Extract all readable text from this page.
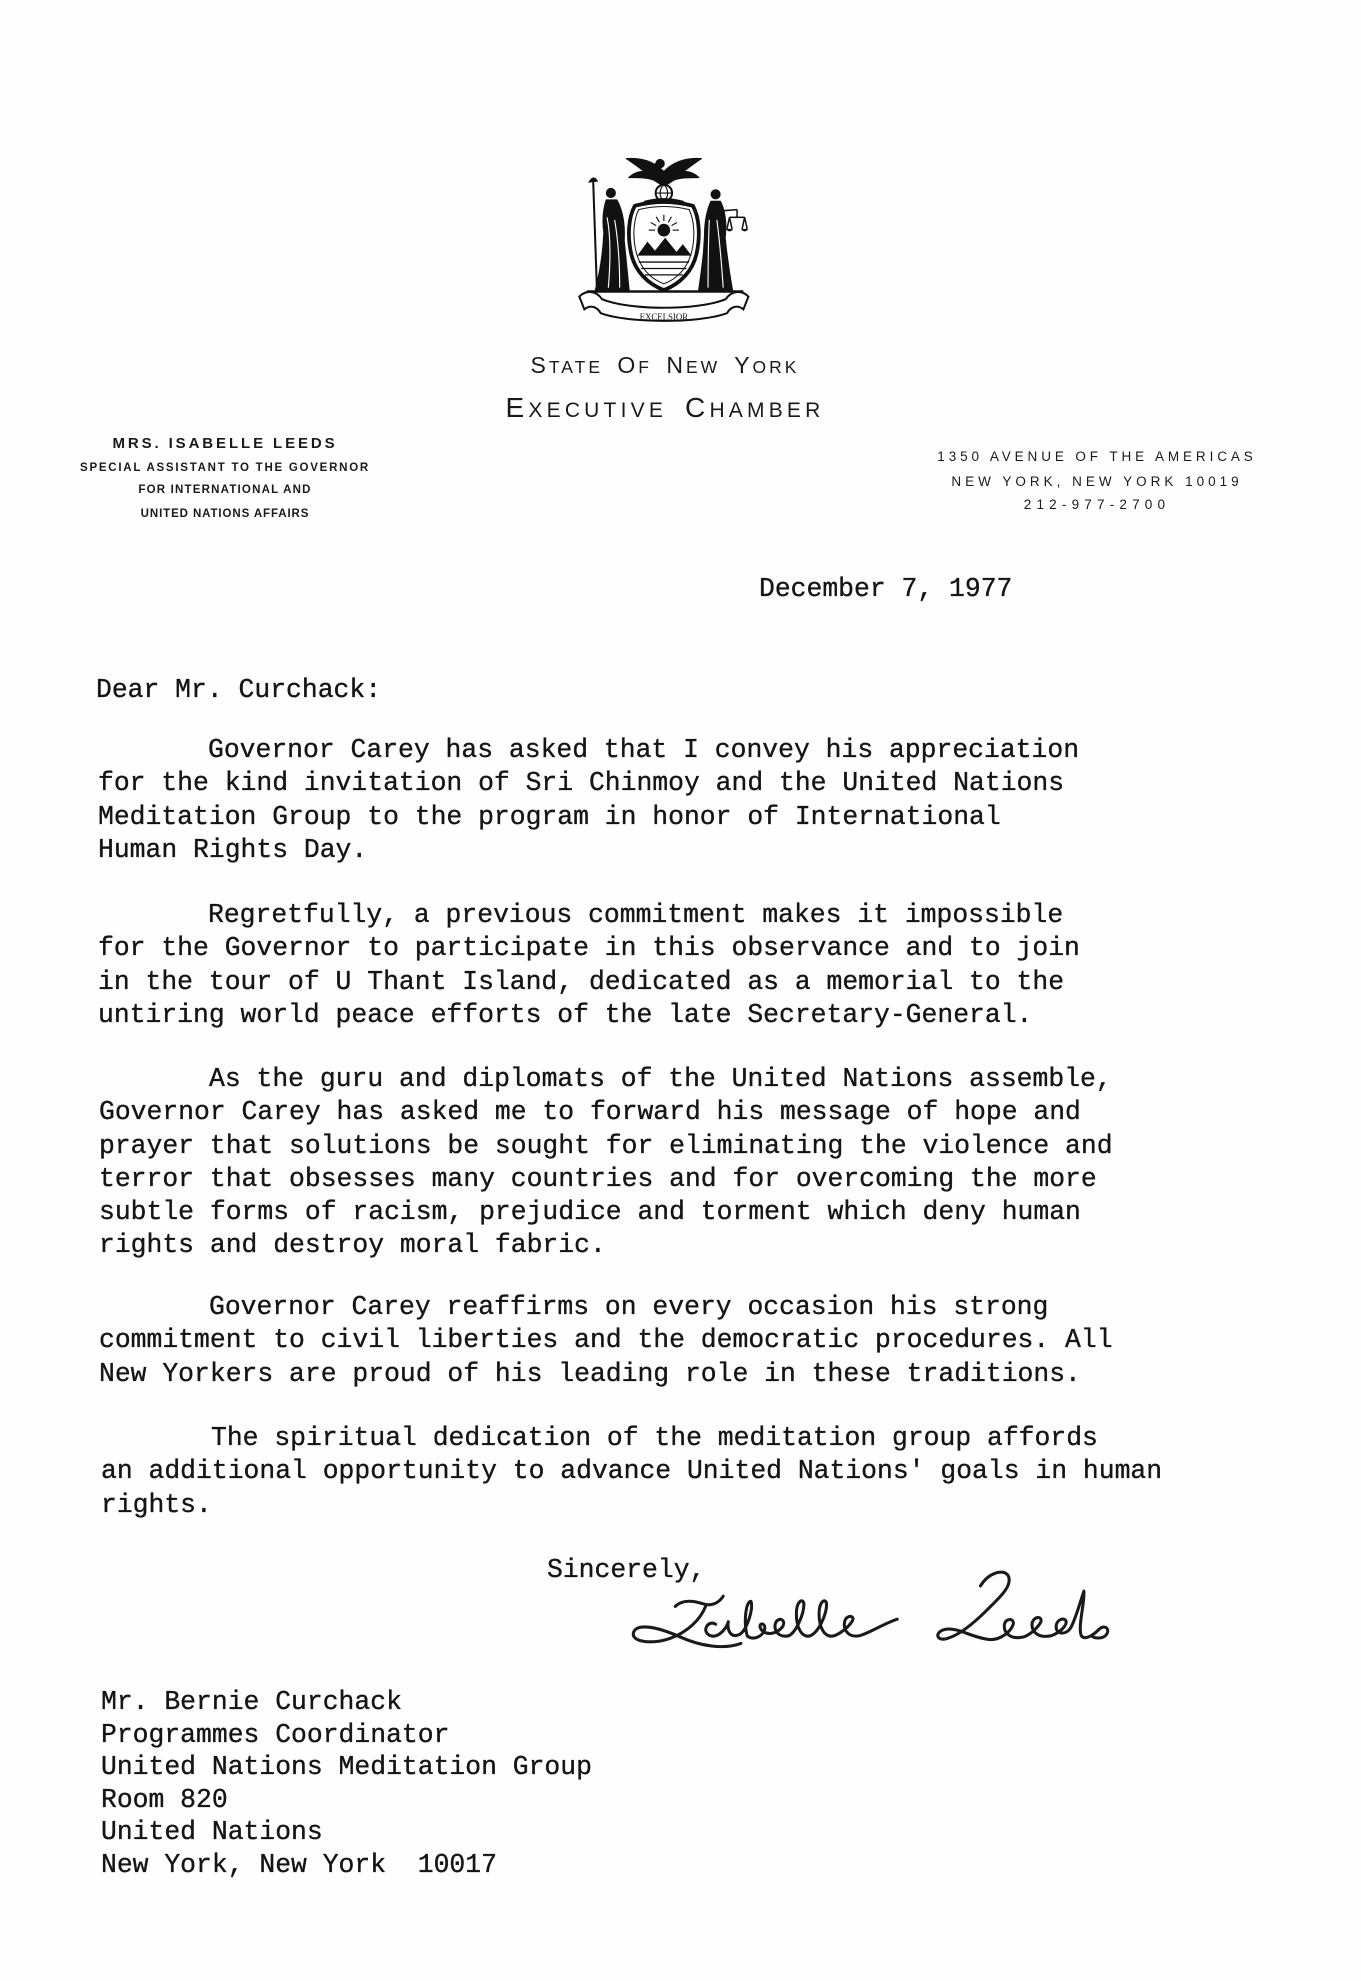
EXCELSIOR
STATE OF NEW YORK
EXECUTIVE CHAMBER
MRS. ISABELLE LEEDS
SPECIAL ASSISTANT TO THE GOVERNOR
FOR INTERNATIONAL AND
UNITED NATIONS AFFAIRS
1350 AVENUE OF THE AMERICAS
NEW YORK, NEW YORK 10019
212-977-2700
December 7, 1977
Dear Mr. Curchack:
Governor Carey has asked that I convey his appreciation
for the kind invitation of Sri Chinmoy and the United Nations
Meditation Group to the program in honor of International
Human Rights Day.
Regretfully, a previous commitment makes it impossible
for the Governor to participate in this observance and to join
in the tour of U Thant Island, dedicated as a memorial to the
untiring world peace efforts of the late Secretary-General.
As the guru and diplomats of the United Nations assemble,
Governor Carey has asked me to forward his message of hope and
prayer that solutions be sought for eliminating the violence and
terror that obsesses many countries and for overcoming the more
subtle forms of racism, prejudice and torment which deny human
rights and destroy moral fabric.
Governor Carey reaffirms on every occasion his strong
commitment to civil liberties and the democratic procedures. All
New Yorkers are proud of his leading role in these traditions.
The spiritual dedication of the meditation group affords
an additional opportunity to advance United Nations' goals in human
rights.
Sincerely,
Mr. Bernie Curchack
Programmes Coordinator
United Nations Meditation Group
Room 820
United Nations
New York, New York  10017
